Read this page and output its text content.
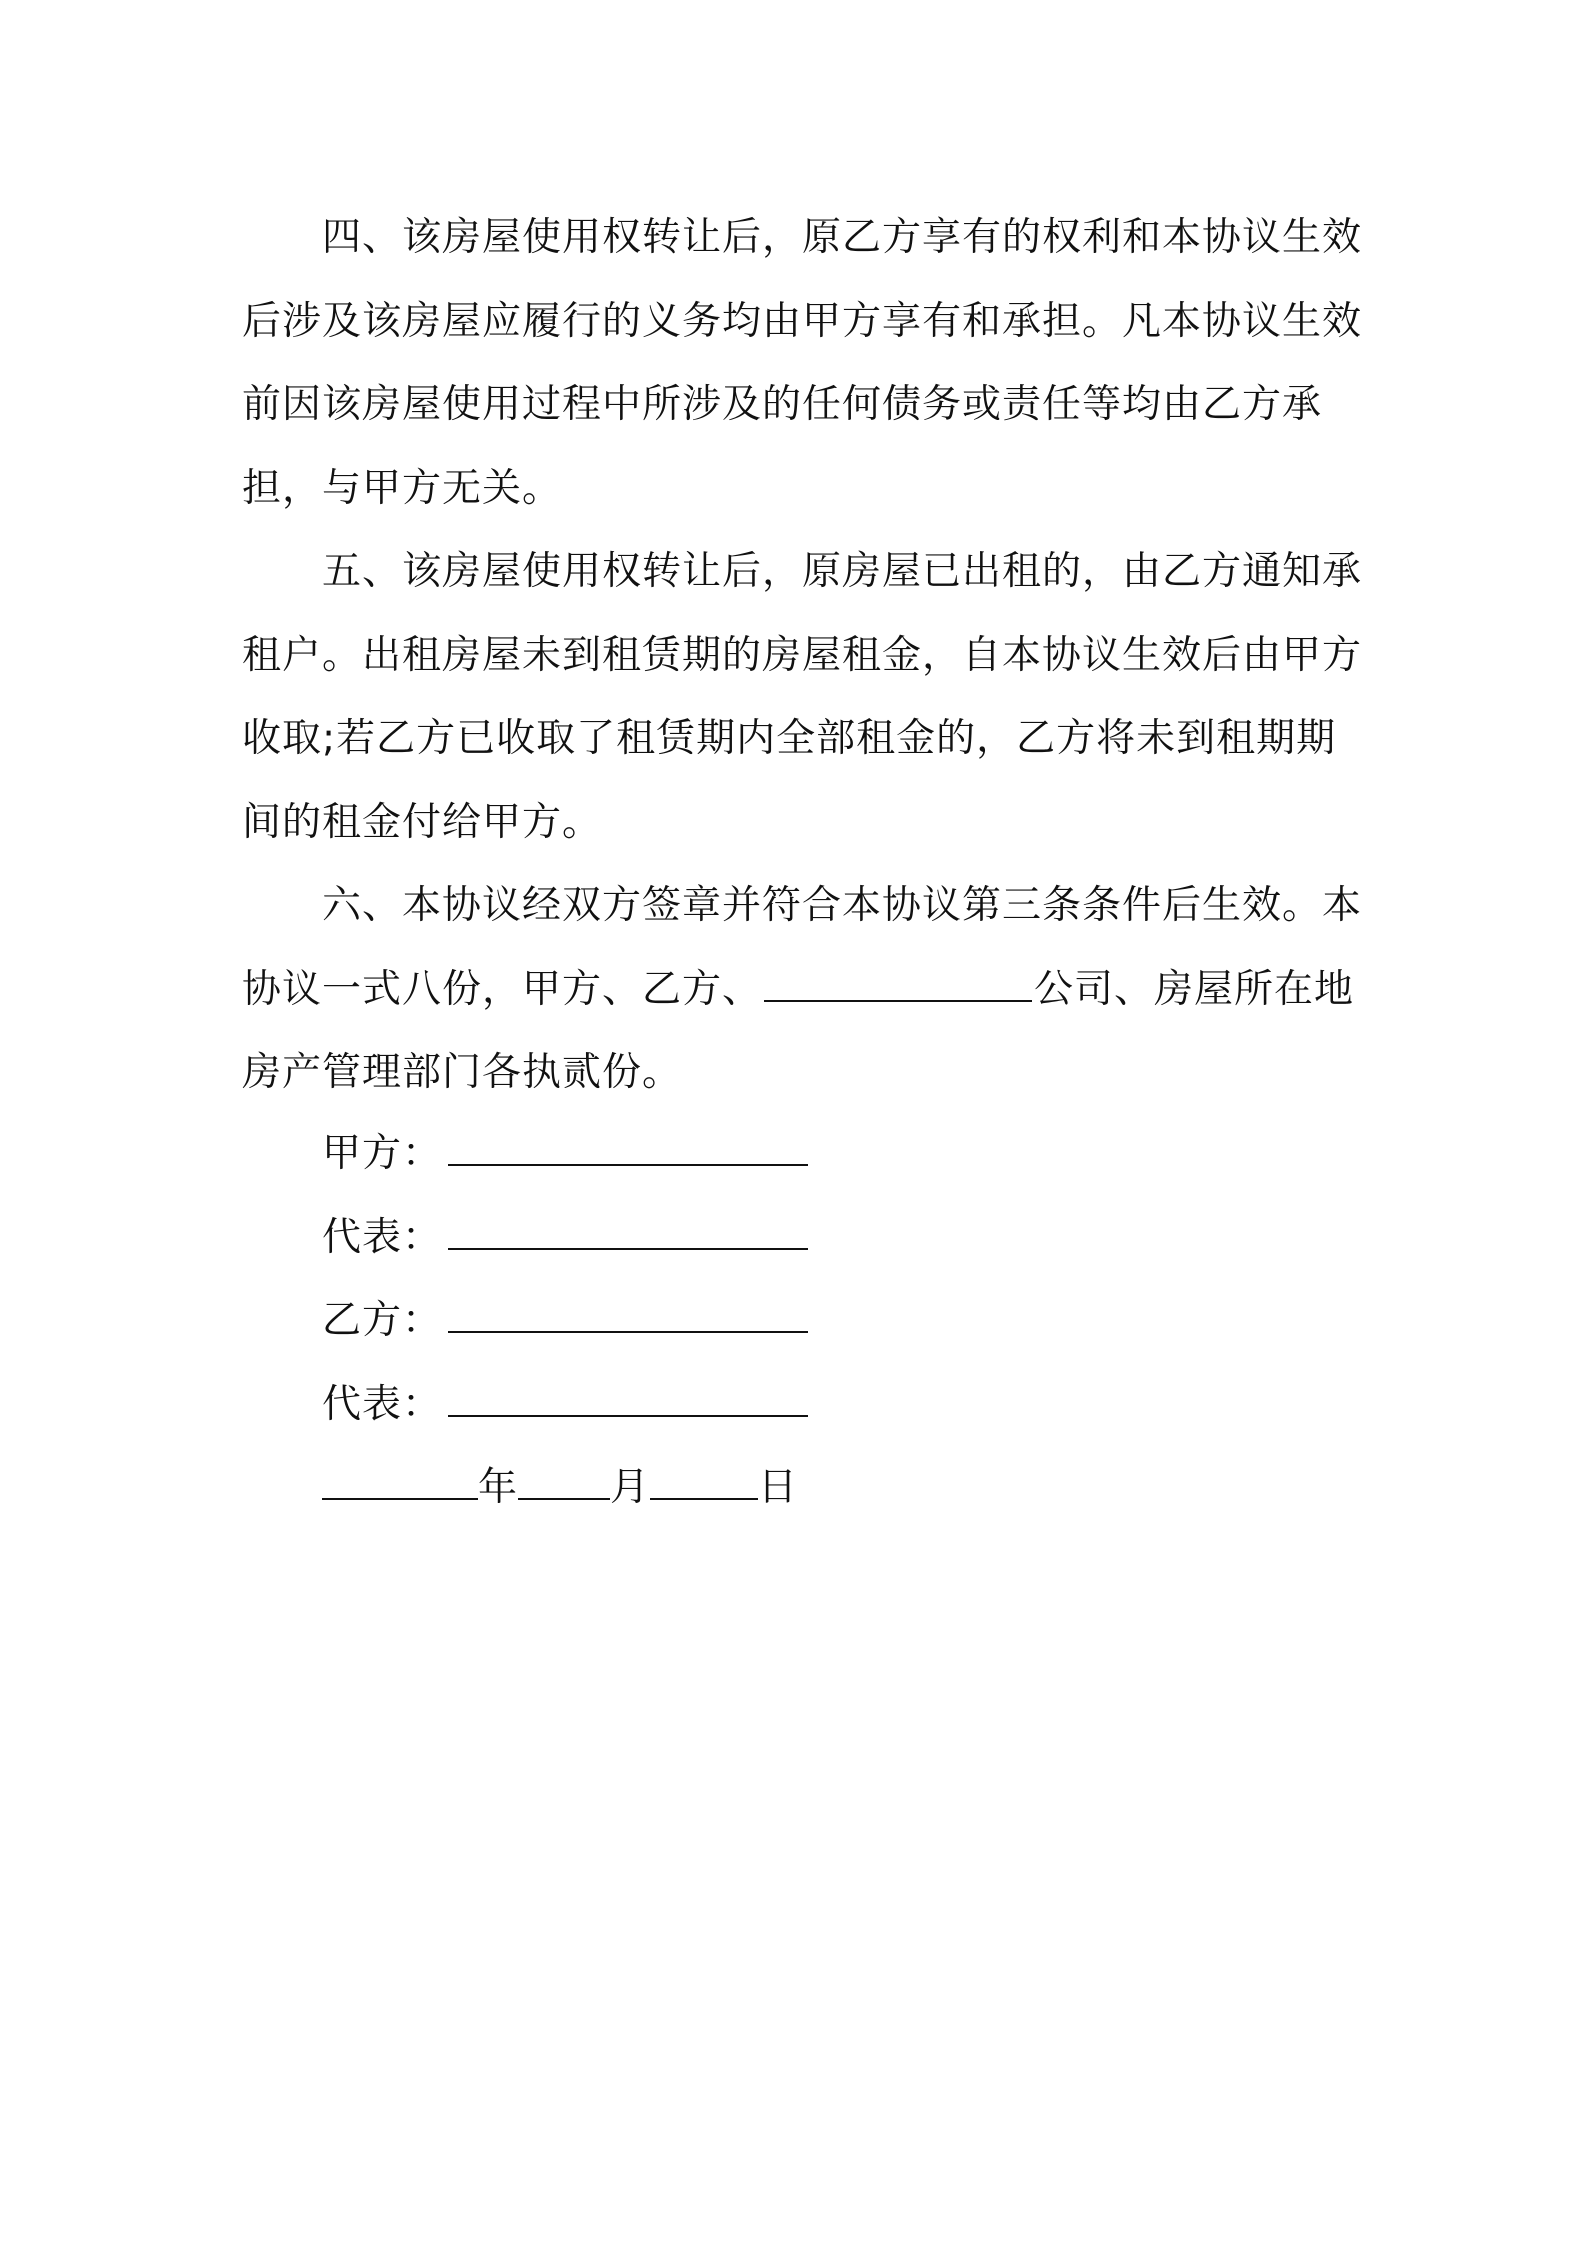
四、该房屋使用权转让后，原乙方享有的权利和本协议生效
后涉及该房屋应履行的义务均由甲方享有和承担。凡本协议生效
前因该房屋使用过程中所涉及的任何债务或责任等均由乙方承
担，与甲方无关。

五、该房屋使用权转让后，原房屋已出租的，由乙方通知承
租户。出租房屋未到租赁期的房屋租金，自本协议生效后由甲方
收取;若乙方已收取了租赁期内全部租金的，乙方将未到租期期
间的租金付给甲方。

六、本协议经双方签章并符合本协议第三条条件后生效。本
协议一式八份，甲方、乙方、	公司、房屋所在地
房产管理部门各执贰份。

甲方：
代表：
乙方：
代表：
年 月	日
